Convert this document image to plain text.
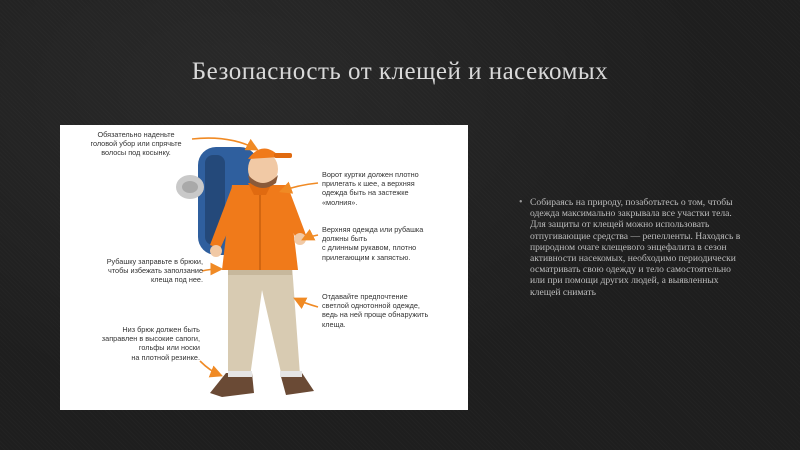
Безопасность от клещей и насекомых
Обязательно наденьте
головой убор или спрячьте
волосы под косынку.
Ворот куртки должен плотно
прилегать к шее, а верхняя
одежда быть на застежке
«молния».
Верхняя одежда или рубашка
должны быть
с длинным рукавом, плотно
прилегающим к запястью.
Рубашку заправьте в брюки,
чтобы избежать заползание
клеща под нее.
Отдавайте предпочтение
светлой однотонной одежде,
ведь на ней проще обнаружить
клеща.
Низ брюк должен быть
заправлен в высокие сапоги,
гольфы или носки
на плотной резинке.
• Собираясь на природу, позаботьтесь о том, чтобы одежда максимально закрывала все участки тела. Для защиты от клещей можно использовать отпугивающие средства — репелленты. Находясь в природном очаге клещевого энцефалита в сезон активности насекомых, необходимо периодически осматривать свою одежду и тело самостоятельно или при помощи других людей, а выявленных клещей снимать
